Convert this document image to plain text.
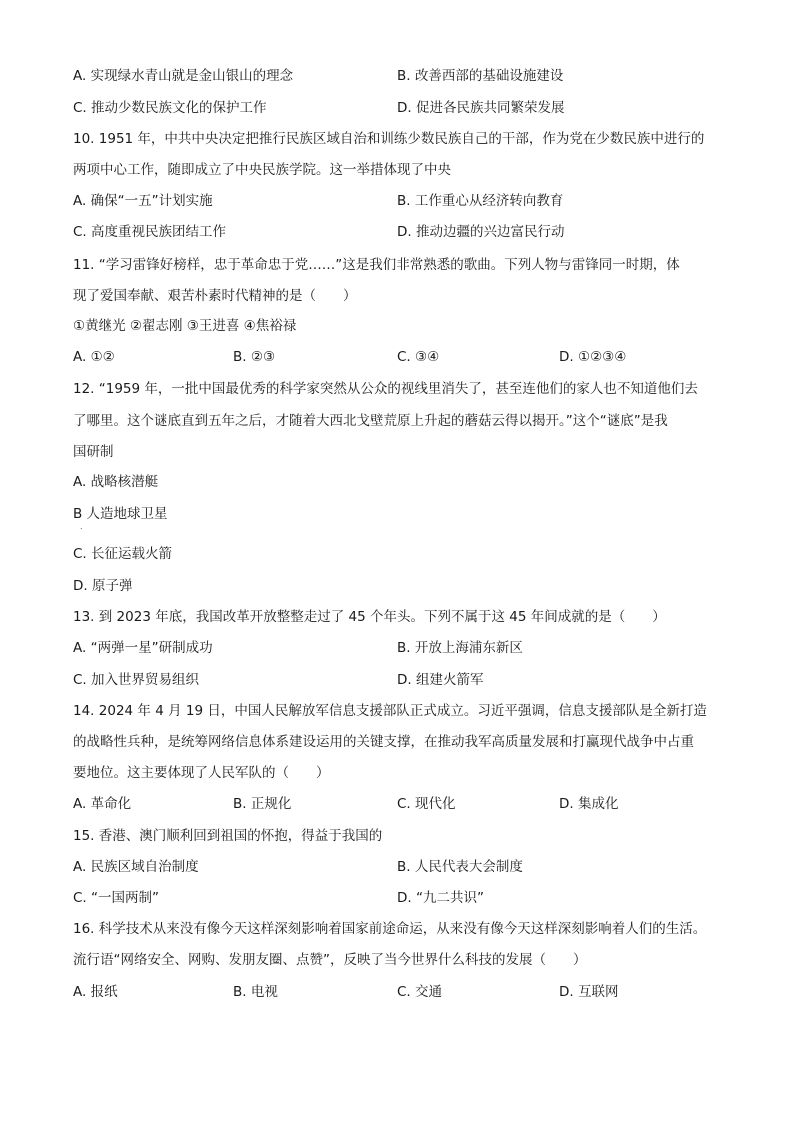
A. 实现绿水青山就是金山银山的理念	B. 改善西部的基础设施建设
C. 推动少数民族文化的保护工作	D. 促进各民族共同繁荣发展
10. 1951 年，中共中央决定把推行民族区域自治和训练少数民族自己的干部，作为党在少数民族中进行的
两项中心工作，随即成立了中央民族学院。这一举措体现了中央
A. 确保“一五”计划实施	B. 工作重心从经济转向教育
C. 高度重视民族团结工作	D. 推动边疆的兴边富民行动
11. “学习雷锋好榜样，忠于革命忠于党……”这是我们非常熟悉的歌曲。下列人物与雷锋同一时期，体
现了爱国奉献、艰苦朴素时代精神的是（　　）
①黄继光 ②翟志刚 ③王进喜 ④焦裕禄
A. ①②	B. ②③	C. ③④	D. ①②③④
12. “1959 年，一批中国最优秀的科学家突然从公众的视线里消失了，甚至连他们的家人也不知道他们去
了哪里。这个谜底直到五年之后，才随着大西北戈壁荒原上升起的蘑菇云得以揭开。”这个“谜底”是我
国研制
A. 战略核潜艇
B 人造地球卫星
.
C. 长征运载火箭
D. 原子弹
13. 到 2023 年底，我国改革开放整整走过了 45 个年头。下列不属于这 45 年间成就的是（　　）
A. “两弹一星”研制成功	B. 开放上海浦东新区
C. 加入世界贸易组织	D. 组建火箭军
14. 2024 年 4 月 19 日，中国人民解放军信息支援部队正式成立。习近平强调，信息支援部队是全新打造
的战略性兵种，是统筹网络信息体系建设运用的关键支撑，在推动我军高质量发展和打赢现代战争中占重
要地位。这主要体现了人民军队的（　　）
A. 革命化	B. 正规化	C. 现代化	D. 集成化
15. 香港、澳门顺利回到祖国的怀抱，得益于我国的
A. 民族区域自治制度	B. 人民代表大会制度
C. “一国两制”	D. “九二共识”
16. 科学技术从来没有像今天这样深刻影响着国家前途命运，从来没有像今天这样深刻影响着人们的生活。
流行语“网络安全、网购、发朋友圈、点赞”，反映了当今世界什么科技的发展（　　）
A. 报纸	B. 电视	C. 交通	D. 互联网
